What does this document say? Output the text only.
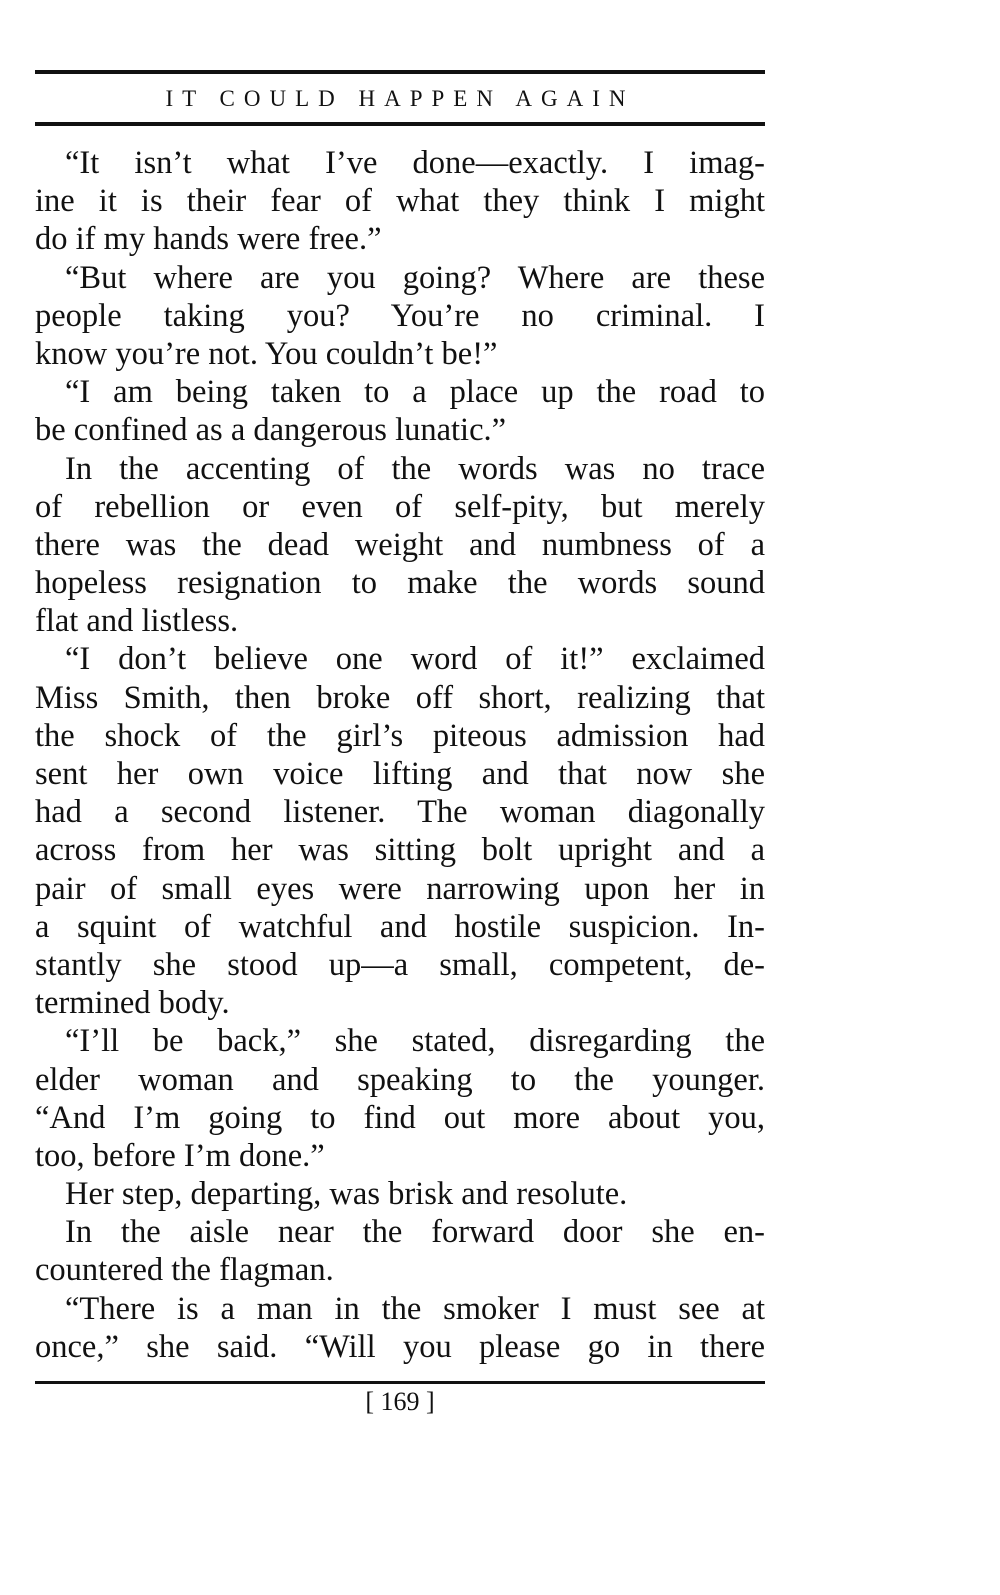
IT COULD HAPPEN AGAIN
“It isn’t what I’ve done—exactly. I imag-
ine it is their fear of what they think I might
do if my hands were free.”
“But where are you going? Where are these
people taking you? You’re no criminal. I
know you’re not. You couldn’t be!”
“I am being taken to a place up the road to
be confined as a dangerous lunatic.”
In the accenting of the words was no trace
of rebellion or even of self-pity, but merely
there was the dead weight and numbness of a
hopeless resignation to make the words sound
flat and listless.
“I don’t believe one word of it!” exclaimed
Miss Smith, then broke off short, realizing that
the shock of the girl’s piteous admission had
sent her own voice lifting and that now she
had a second listener. The woman diagonally
across from her was sitting bolt upright and a
pair of small eyes were narrowing upon her in
a squint of watchful and hostile suspicion. In-
stantly she stood up—a small, competent, de-
termined body.
“I’ll be back,” she stated, disregarding the
elder woman and speaking to the younger.
“And I’m going to find out more about you,
too, before I’m done.”
Her step, departing, was brisk and resolute.
In the aisle near the forward door she en-
countered the flagman.
“There is a man in the smoker I must see at
once,” she said. “Will you please go in there
[ 169 ]
